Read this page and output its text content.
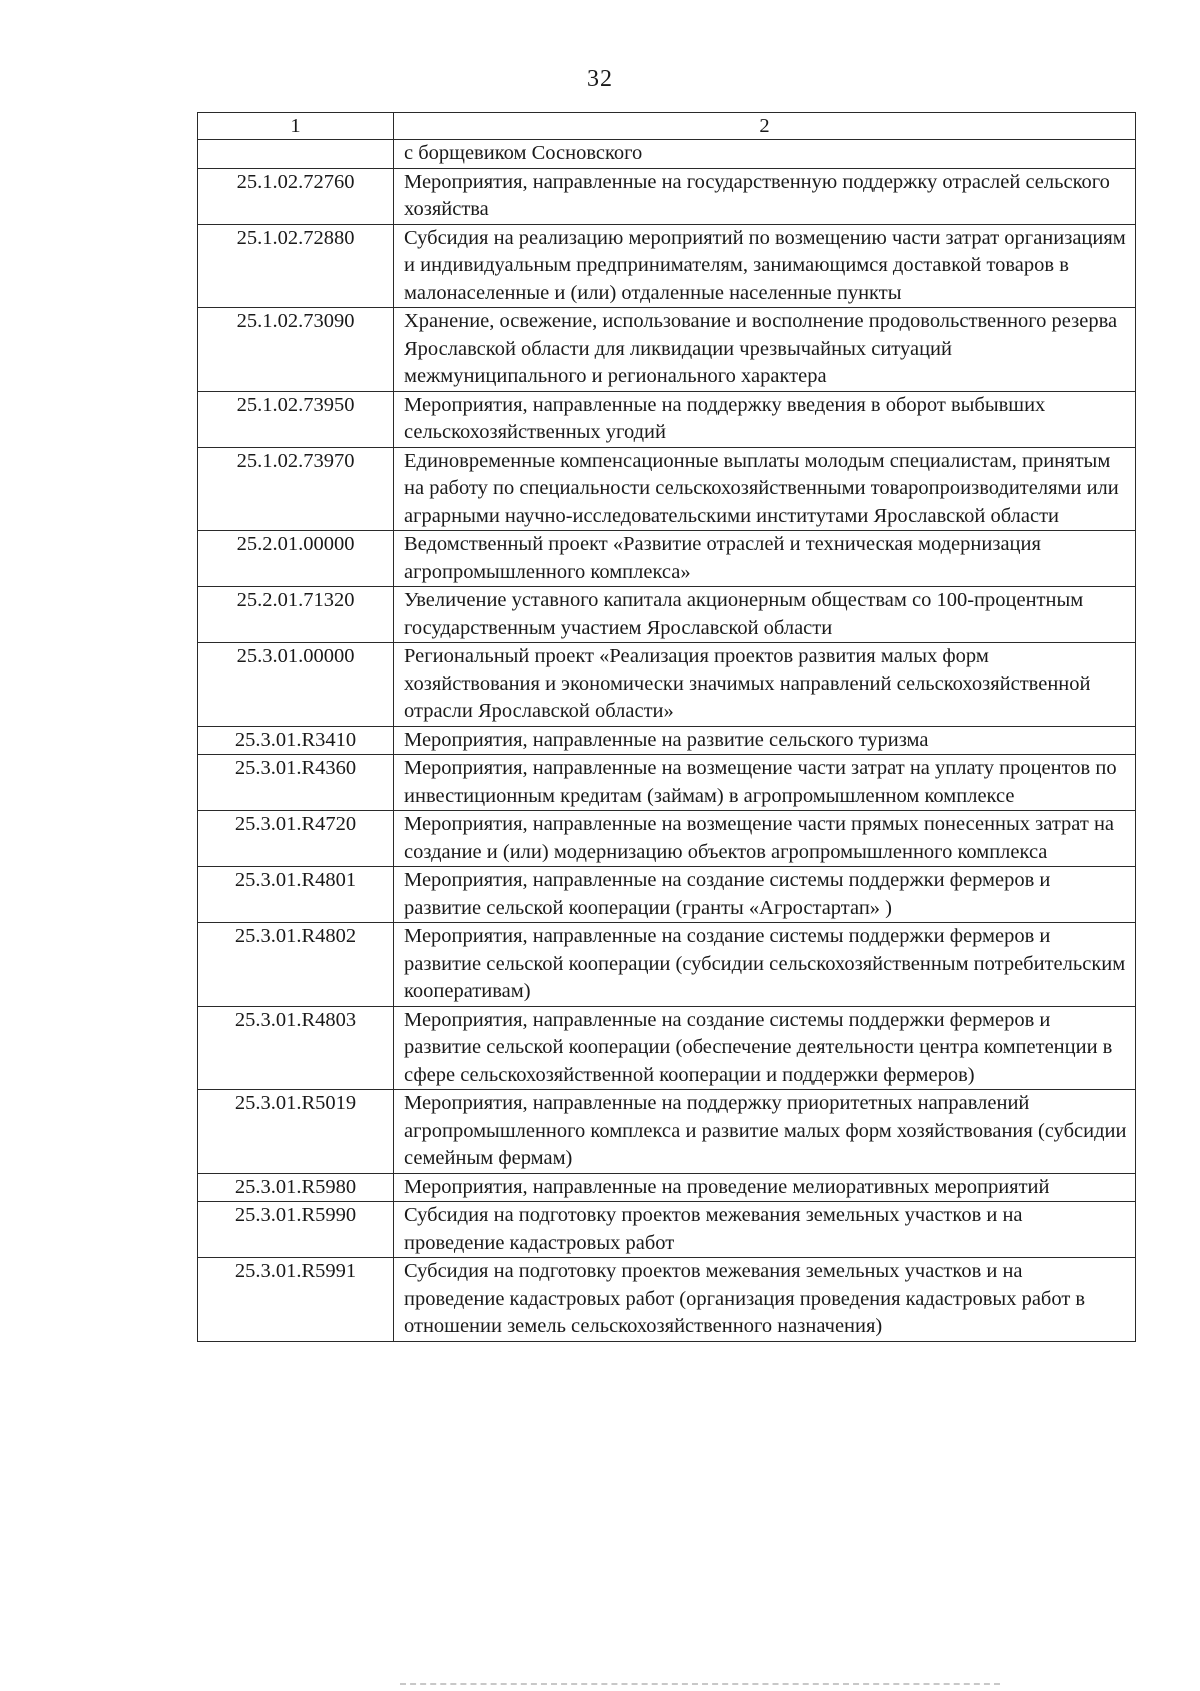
32
1	2
	с борщевиком Сосновского
25.1.02.72760	Мероприятия, направленные на государственную поддержку отраслей сельского хозяйства
25.1.02.72880	Субсидия на реализацию мероприятий по возмещению части затрат организациям и индивидуальным предпринимателям, занимающимся доставкой товаров в малонаселенные и (или) отдаленные населенные пункты
25.1.02.73090	Хранение, освежение, использование и восполнение продовольственного резерва Ярославской области для ликвидации чрезвычайных ситуаций межмуниципального и регионального характера
25.1.02.73950	Мероприятия, направленные на поддержку введения в оборот выбывших сельскохозяйственных угодий
25.1.02.73970	Единовременные компенсационные выплаты молодым специалистам, принятым на работу по специальности сельскохозяйственными товаропроизводителями или аграрными научно-исследовательскими институтами Ярославской области
25.2.01.00000	Ведомственный проект «Развитие отраслей и техническая модернизация агропромышленного комплекса»
25.2.01.71320	Увеличение уставного капитала акционерным обществам со 100-процентным государственным участием Ярославской области
25.3.01.00000	Региональный проект «Реализация проектов развития малых форм хозяйствования и экономически значимых направлений сельскохозяйственной отрасли Ярославской области»
25.3.01.R3410	Мероприятия, направленные на развитие сельского туризма
25.3.01.R4360	Мероприятия, направленные на возмещение части затрат на уплату процентов по инвестиционным кредитам (займам) в агропромышленном комплексе
25.3.01.R4720	Мероприятия, направленные на возмещение части прямых понесенных затрат на создание и (или) модернизацию объектов агропромышленного комплекса
25.3.01.R4801	Мероприятия, направленные на создание системы поддержки фермеров и развитие сельской кооперации (гранты «Агростартап» )
25.3.01.R4802	Мероприятия, направленные на создание системы поддержки фермеров и развитие сельской кооперации (субсидии сельскохозяйственным потребительским кооперативам)
25.3.01.R4803	Мероприятия, направленные на создание системы поддержки фермеров и развитие сельской кооперации (обеспечение деятельности центра компетенции в сфере сельскохозяйственной кооперации и поддержки фермеров)
25.3.01.R5019	Мероприятия, направленные на поддержку приоритетных направлений агропромышленного комплекса и развитие малых форм хозяйствования (субсидии семейным фермам)
25.3.01.R5980	Мероприятия, направленные на проведение мелиоративных мероприятий
25.3.01.R5990	Субсидия на подготовку проектов межевания земельных участков и на проведение кадастровых работ
25.3.01.R5991	Субсидия на подготовку проектов межевания земельных участков и на проведение кадастровых работ (организация проведения кадастровых работ в отношении земель сельскохозяйственного назначения)
